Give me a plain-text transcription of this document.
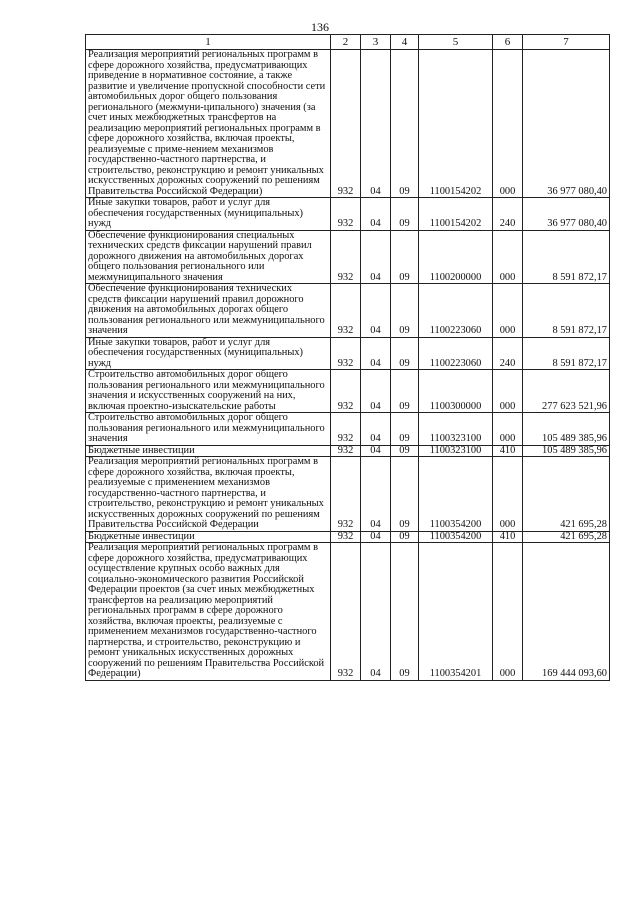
136
1	2	3	4	5	6	7
Реализация мероприятий региональных программ в сфере дорожного хозяйства, предусматривающих приведение в нормативное состояние, а также развитие и увеличение пропускной способности сети автомобильных дорог общего пользования регионального (межмуни-ципального) значения (за счет иных межбюджетных трансфертов на реализацию мероприятий региональных программ в сфере дорожного хозяйства, включая проекты, реализуемые с приме-нением механизмов государственно-частного партнерства, и строительство, реконструкцию и ремонт уникальных искусственных дорожных сооружений по решениям Правительства Российской Федерации)	932	04	09	1100154202	000	36 977 080,40
Иные закупки товаров, работ и услуг для обеспечения государственных (муниципальных) нужд	932	04	09	1100154202	240	36 977 080,40
Обеспечение функционирования специальных технических средств фиксации нарушений правил дорожного движения на автомобильных дорогах общего пользования регионального или межмуниципального значения	932	04	09	1100200000	000	8 591 872,17
Обеспечение функционирования технических средств фиксации нарушений правил дорожного движения на автомобильных дорогах общего пользования регионального или межмуниципального значения	932	04	09	1100223060	000	8 591 872,17
Иные закупки товаров, работ и услуг для обеспечения государственных (муниципальных) нужд	932	04	09	1100223060	240	8 591 872,17
Строительство автомобильных дорог общего пользования регионального или межмуниципального значения и искусственных сооружений на них, включая проектно-изыскательские работы	932	04	09	1100300000	000	277 623 521,96
Строительство автомобильных дорог общего пользования регионального или межмуниципального значения	932	04	09	1100323100	000	105 489 385,96
Бюджетные инвестиции	932	04	09	1100323100	410	105 489 385,96
Реализация мероприятий региональных программ в сфере дорожного хозяйства, включая проекты, реализуемые с применением механизмов государственно-частного партнерства, и строительство, реконструкцию и ремонт уникальных искусственных дорожных сооружений по решениям Правительства Российской Федерации	932	04	09	1100354200	000	421 695,28
Бюджетные инвестиции	932	04	09	1100354200	410	421 695,28
Реализация мероприятий региональных программ в сфере дорожного хозяйства, предусматривающих осуществление крупных особо важных для социально-экономического развития Российской Федерации проектов (за счет иных межбюджетных трансфертов на реализацию мероприятий региональных программ в сфере дорожного хозяйства, включая проекты, реализуемые с применением механизмов государственно-частного партнерства, и строительство, реконструкцию и ремонт уникальных искусственных дорожных сооружений по решениям Правительства Российской Федерации)	932	04	09	1100354201	000	169 444 093,60
